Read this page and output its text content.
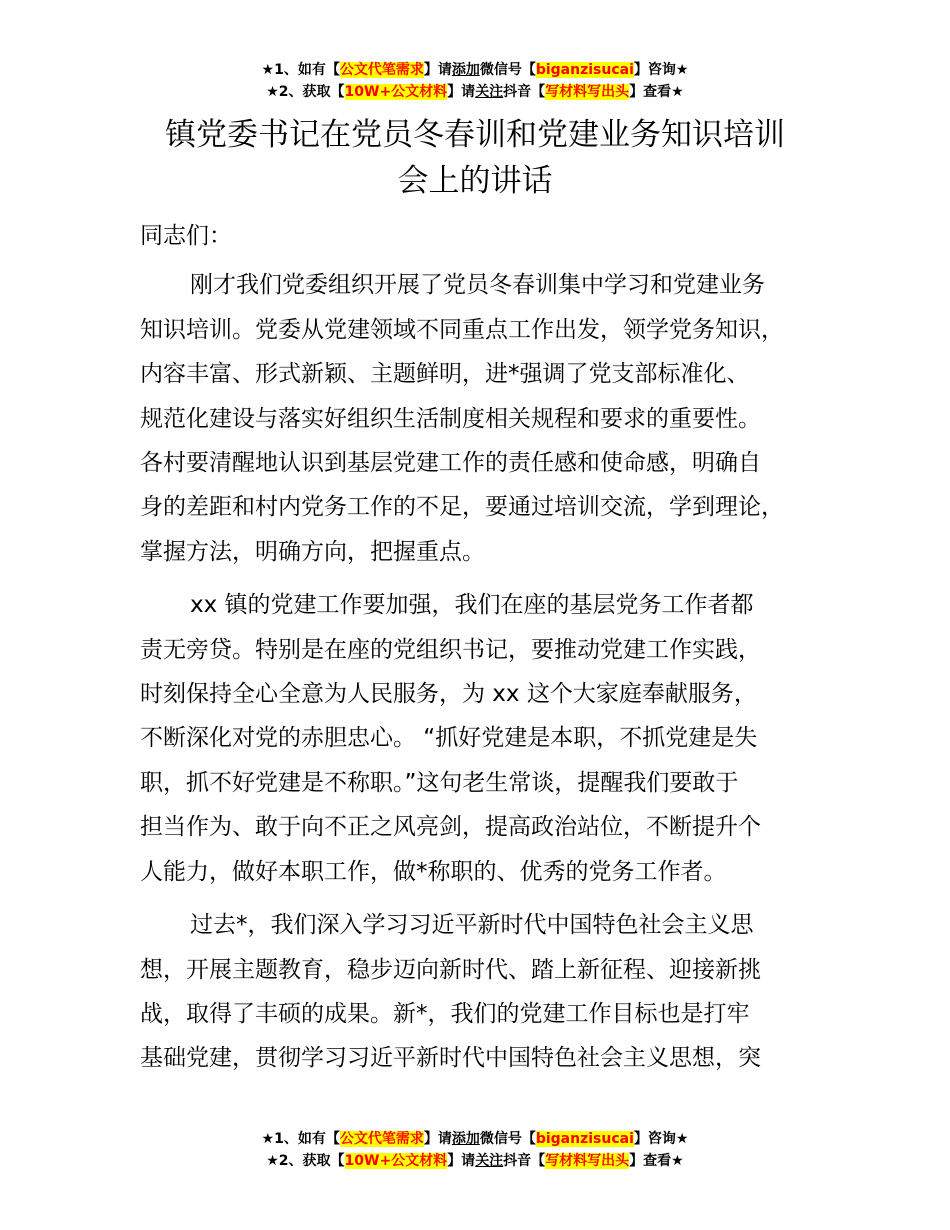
★1、如有【公文代笔需求】请添加微信号【biganzisucai】咨询★
★2、获取【10W+公文材料】请关注抖音【写材料写出头】查看★
镇党委书记在党员冬春训和党建业务知识培训
会上的讲话
同志们：
刚才我们党委组织开展了党员冬春训集中学习和党建业务
知识培训。党委从党建领域不同重点工作出发，领学党务知识，
内容丰富、形式新颖、主题鲜明，进*强调了党支部标准化、
规范化建设与落实好组织生活制度相关规程和要求的重要性。
各村要清醒地认识到基层党建工作的责任感和使命感，明确自
身的差距和村内党务工作的不足，要通过培训交流，学到理论，
掌握方法，明确方向，把握重点。
xx 镇的党建工作要加强，我们在座的基层党务工作者都
责无旁贷。特别是在座的党组织书记，要推动党建工作实践，
时刻保持全心全意为人民服务，为 xx 这个大家庭奉献服务，
不断深化对党的赤胆忠心。 “抓好党建是本职，不抓党建是失
职，抓不好党建是不称职。”这句老生常谈，提醒我们要敢于
担当作为、敢于向不正之风亮剑，提高政治站位，不断提升个
人能力，做好本职工作，做*称职的、优秀的党务工作者。
过去*，我们深入学习习近平新时代中国特色社会主义思
想，开展主题教育，稳步迈向新时代、踏上新征程、迎接新挑
战，取得了丰硕的成果。新*，我们的党建工作目标也是打牢
基础党建，贯彻学习习近平新时代中国特色社会主义思想，突
★1、如有【公文代笔需求】请添加微信号【biganzisucai】咨询★
★2、获取【10W+公文材料】请关注抖音【写材料写出头】查看★
